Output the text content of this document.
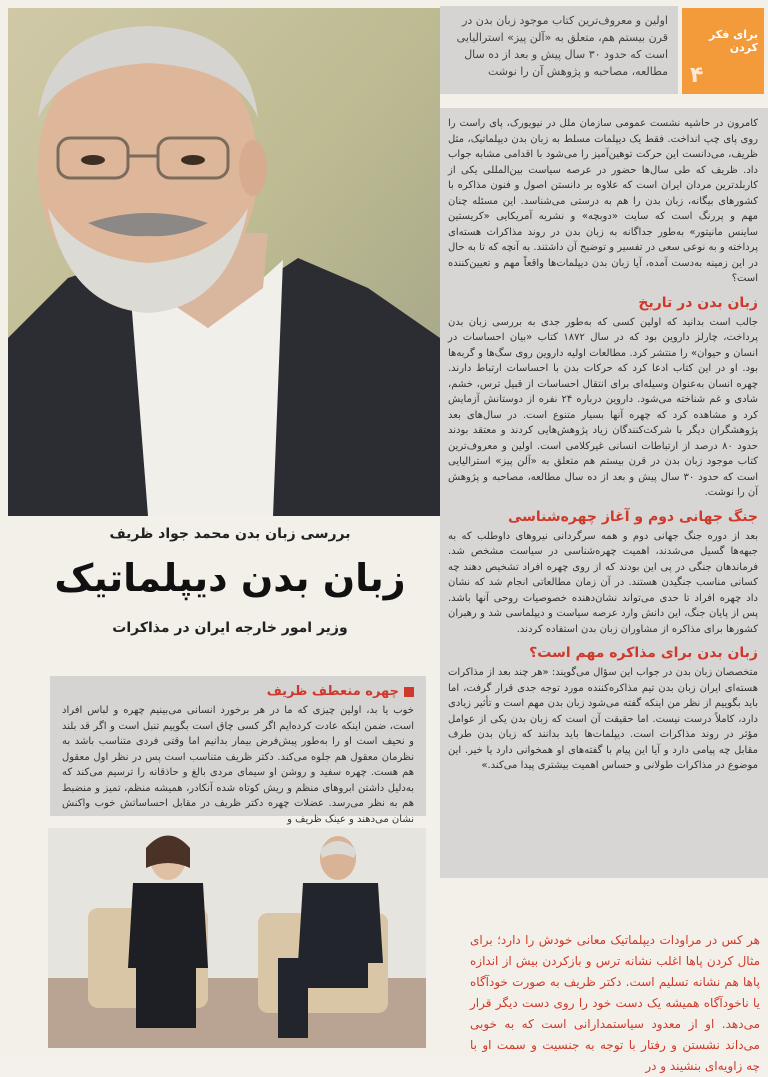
اولین و معروف‌ترین کتاب موجود زبان بدن در قرن بیستم هم، متعلق به «آلن پیز» استرالیایی است که حدود ۳۰ سال پیش و بعد از ده سال مطالعه، مصاحبه و پژوهش آن را نوشت
برای فکر کردن
۴

کامرون در حاشیه نشست عمومی سازمان ملل در نیویورک، پای راست را روی پای چپ انداخت. فقط یک دیپلمات مسلط به زبان بدن دیپلماتیک، مثل ظریف، می‌دانست این حرکت توهین‌آمیز را می‌شود با اقدامی مشابه جواب داد. ظریف که طی سال‌ها حضور در عرصه سیاست بین‌المللی یکی از کاربلدترین مردان ایران است که علاوه بر دانستن اصول و فنون مذاکره با کشورهای بیگانه، زبان بدن را هم به درستی می‌شناسد. این مسئله چنان مهم و پررنگ است که سایت «دوبچه» و نشریه آمریکایی «کریستین ساینس مانیتور» به‌طور جداگانه به زبان بدن در روند مذاکرات هسته‌ای پرداخته و به نوعی سعی در تفسیر و توضیح آن داشتند. به آنچه که تا به حال در این زمینه به‌دست آمده، آیا زبان بدن دیپلمات‌ها واقعاً مهم و تعیین‌کننده است؟

زبان بدن در تاریخ

جالب است بدانید که اولین کسی که به‌طور جدی به بررسی زبان بدن پرداخت، چارلز داروین بود که در سال ۱۸۷۲ کتاب «بیان احساسات در انسان و حیوان» را منتشر کرد. مطالعات اولیه داروین روی سگ‌ها و گربه‌ها بود. او در این کتاب ادعا کرد که حرکات بدن با احساسات ارتباط دارند. چهره انسان به‌عنوان وسیله‌ای برای انتقال احساسات از قبیل ترس، خشم، شادی و غم شناخته می‌شود. داروین درباره ۲۴ نفره از دوستانش آزمایش کرد و مشاهده کرد که چهره آنها بسیار متنوع است. در سال‌های بعد پژوهشگران دیگر با شرکت‌کنندگان زیاد پژوهش‌هایی کردند و معتقد بودند حدود ۸۰ درصد از ارتباطات انسانی غیرکلامی است. اولین و معروف‌ترین کتاب موجود زبان بدن در قرن بیستم هم متعلق به «آلن پیز» استرالیایی است که حدود ۳۰ سال پیش و بعد از ده سال مطالعه، مصاحبه و پژوهش آن را نوشت.

جنگ جهانی دوم و آغاز چهره‌شناسی

بعد از دوره جنگ جهانی دوم و همه سرگردانی نیروهای داوطلب که به جبهه‌ها گسیل می‌شدند، اهمیت چهره‌شناسی در سیاست مشخص شد. فرماندهان جنگی در پی این بودند که از روی چهره افراد تشخیص دهند چه کسانی مناسب جنگیدن هستند. در آن زمان مطالعاتی انجام شد که نشان داد چهره افراد تا حدی می‌تواند نشان‌دهنده خصوصیات روحی آنها باشد. پس از پایان جنگ، این دانش وارد عرصه سیاست و دیپلماسی شد و رهبران کشورها برای مذاکره از مشاوران زبان بدن استفاده کردند.

زبان بدن برای مذاکره مهم است؟

متخصصان زبان بدن در جواب این سؤال می‌گویند: «هر چند بعد از مذاکرات هسته‌ای ایران زبان بدن تیم مذاکره‌کننده مورد توجه جدی قرار گرفت، اما باید بگوییم از نظر من اینکه گفته می‌شود زبان بدن مهم است و تأثیر زیادی دارد، کاملاً درست نیست. اما حقیقت آن است که زبان بدن یکی از عوامل مؤثر در روند مذاکرات است. دیپلمات‌ها باید بدانند که زبان بدن طرف مقابل چه پیامی دارد و آیا این پیام با گفته‌های او همخوانی دارد یا خیر. این موضوع در مذاکرات طولانی و حساس اهمیت بیشتری پیدا می‌کند.»

بررسی زبان بدن محمد جواد ظریف
زبان بدن دیپلماتیک
وزیر امور خارجه ایران در مذاکرات
چهره منعطف ظریف

خوب یا بد، اولین چیزی که ما در هر برخورد انسانی می‌بینیم چهره و لباس افراد است، ضمن اینکه عادت کرده‌ایم اگر کسی چاق است بگوییم تنبل است و اگر قد بلند و نحیف است او را به‌طور پیش‌فرض بیمار بدانیم اما وقتی فردی متناسب باشد به نظرمان معقول هم جلوه می‌کند. دکتر ظریف متناسب است پس در نظر اول معقول هم هست. چهره سفید و روشن او سیمای مردی بالغ و حاذقانه را ترسیم می‌کند که به‌دلیل داشتن ابروهای منظم و ریش کوتاه شده آنکادر، همیشه منظم، تمیز و منضبط هم به نظر می‌رسد. عضلات چهره دکتر ظریف در مقابل احساساتش خوب واکنش نشان می‌دهند و عینک ظریف و

هر کس در مراودات دیپلماتیک معانی خودش را دارد؛ برای مثال کردن پاها اغلب نشانه ترس و بازکردن بیش از اندازه پاها هم نشانه تسلیم است. دکتر ظریف به صورت خودآگاه یا ناخودآگاه همیشه یک دست خود را روی دست دیگر قرار می‌دهد. او از معدود سیاستمدارانی است که به خوبی می‌داند نشستن و رفتار با توجه به جنسیت و سمت او با چه زاویه‌ای بنشیند و در
